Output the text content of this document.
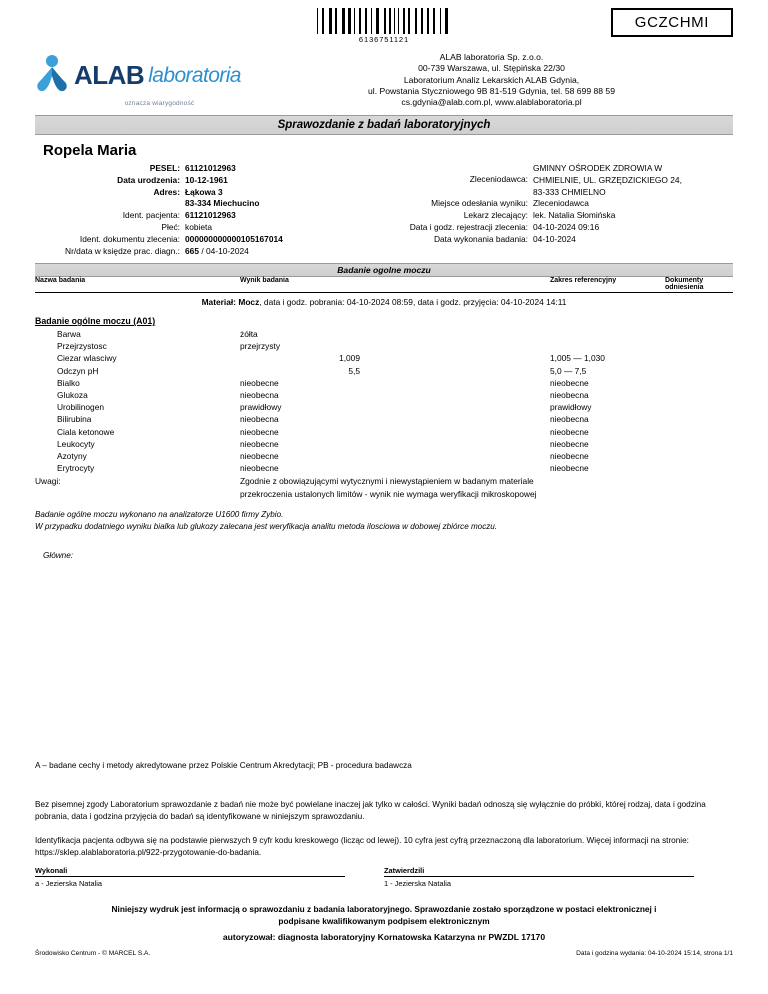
6136751121
GCZCHMI
ALAB laboratoria
oznacza wiarygodność
ALAB laboratoria Sp. z.o.o.
00-739 Warszawa, ul. Stępińska 22/30
Laboratorium Analiz Lekarskich ALAB Gdynia,
ul. Powstania Styczniowego 9B 81-519 Gdynia, tel. 58 699 88 59
cs.gdynia@alab.com.pl, www.alablaboratoria.pl
Sprawozdanie z badań laboratoryjnych
Ropela Maria
PESEL: 61121012963
Data urodzenia: 10-12-1961
Adres: Łąkowa 3
83-334 Miechucino
Ident. pacjenta: 61121012963
Płeć: kobieta
Ident. dokumentu zlecenia: 000000000000105167014
Nr/data w księdze prac. diagn.: 665 / 04-10-2024
Zleceniodawca:
GMINNY OŚRODEK ZDROWIA W
CHMIELNIE, UL. GRZĘDZICKIEGO 24,
83-333 CHMIELNO
Miejsce odesłania wyniku: Zleceniodawca
Lekarz zlecający: lek. Natalia Słomińska
Data i godz. rejestracji zlecenia: 04-10-2024 09:16
Data wykonania badania: 04-10-2024
Badanie ogolne moczu
Nazwa badania	Wynik badania	Zakres referencyjny	Dokumenty odniesienia
Materiał: Mocz, data i godz. pobrania: 04-10-2024 08:59, data i godz. przyjęcia: 04-10-2024 14:11
Badanie ogólne moczu (A01)
Barwa	żółta
Przejrzystosc	przejrzysty
Ciezar wlasciwy	1,009	1,005 — 1,030
Odczyn pH	5,5	5,0 — 7,5
Bialko	nieobecne	nieobecne
Glukoza	nieobecna	nieobecna
Urobilinogen	prawidłowy	prawidłowy
Bilirubina	nieobecna	nieobecna
Ciala ketonowe	nieobecne	nieobecne
Leukocyty	nieobecne	nieobecne
Azotyny	nieobecne	nieobecne
Erytrocyty	nieobecne	nieobecne
Uwagi:	Zgodnie z obowiązującymi wytycznymi i niewystąpieniem w badanym materiale przekroczenia ustalonych limitów - wynik nie wymaga weryfikacji mikroskopowej
Badanie ogólne moczu wykonano na analizatorze U1600 firmy Zybio.
W przypadku dodatniego wyniku bialka lub glukozy zalecana jest weryfikacja analitu metoda ilosciowa w dobowej zbiórce moczu.
Główne:

A – badane cechy i metody akredytowane przez Polskie Centrum Akredytacji; PB - procedura badawcza

Bez pisemnej zgody Laboratorium sprawozdanie z badań nie może być powielane inaczej jak tylko w całości. Wyniki badań odnoszą się wyłącznie do próbki, której rodzaj, data i godzina pobrania, data i godzina przyjęcia do badań są identyfikowane w niniejszym sprawozdaniu.

Identyfikacja pacjenta odbywa się na podstawie pierwszych 9 cyfr kodu kreskowego (licząc od lewej). 10 cyfra jest cyfrą przeznaczoną dla laboratorium. Więcej informacji na stronie: https://sklep.alablaboratoria.pl/922-przygotowanie-do-badania.

Wykonali
a - Jezierska Natalia
Zatwierdzili
1 - Jezierska Natalia
Niniejszy wydruk jest informacją o sprawozdaniu z badania laboratoryjnego. Sprawozdanie zostało sporządzone w postaci elektronicznej i
podpisane kwalifikowanym podpisem elektronicznym
autoryzował: diagnosta laboratoryjny Kornatowska Katarzyna nr PWZDL 17170
Środowisko Centrum - © MARCEL S.A.	Data i godzina wydania: 04-10-2024 15:14, strona 1/1
